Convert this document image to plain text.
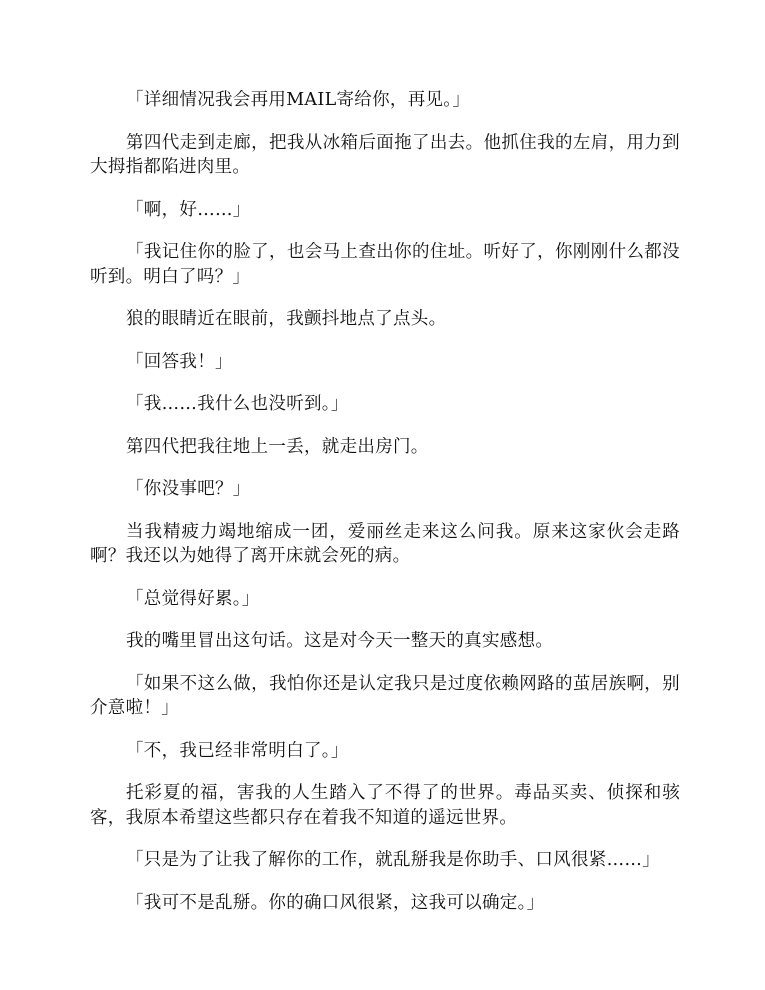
「详细情况我会再用MAIL寄给你，再见。」

第四代走到走廊，把我从冰箱后面拖了出去。他抓住我的左肩，用力到大拇指都陷进肉里。

「啊，好……」

「我记住你的脸了，也会马上查出你的住址。听好了，你刚刚什么都没听到。明白了吗？」

狼的眼睛近在眼前，我颤抖地点了点头。

「回答我！」

「我……我什么也没听到。」

第四代把我往地上一丢，就走出房门。

「你没事吧？」

当我精疲力竭地缩成一团，爱丽丝走来这么问我。原来这家伙会走路啊？我还以为她得了离开床就会死的病。

「总觉得好累。」

我的嘴里冒出这句话。这是对今天一整天的真实感想。

「如果不这么做，我怕你还是认定我只是过度依赖网路的茧居族啊，别介意啦！」

「不，我已经非常明白了。」

托彩夏的福，害我的人生踏入了不得了的世界。毒品买卖、侦探和骇客，我原本希望这些都只存在着我不知道的遥远世界。

「只是为了让我了解你的工作，就乱掰我是你助手、口风很紧……」

「我可不是乱掰。你的确口风很紧，这我可以确定。」
